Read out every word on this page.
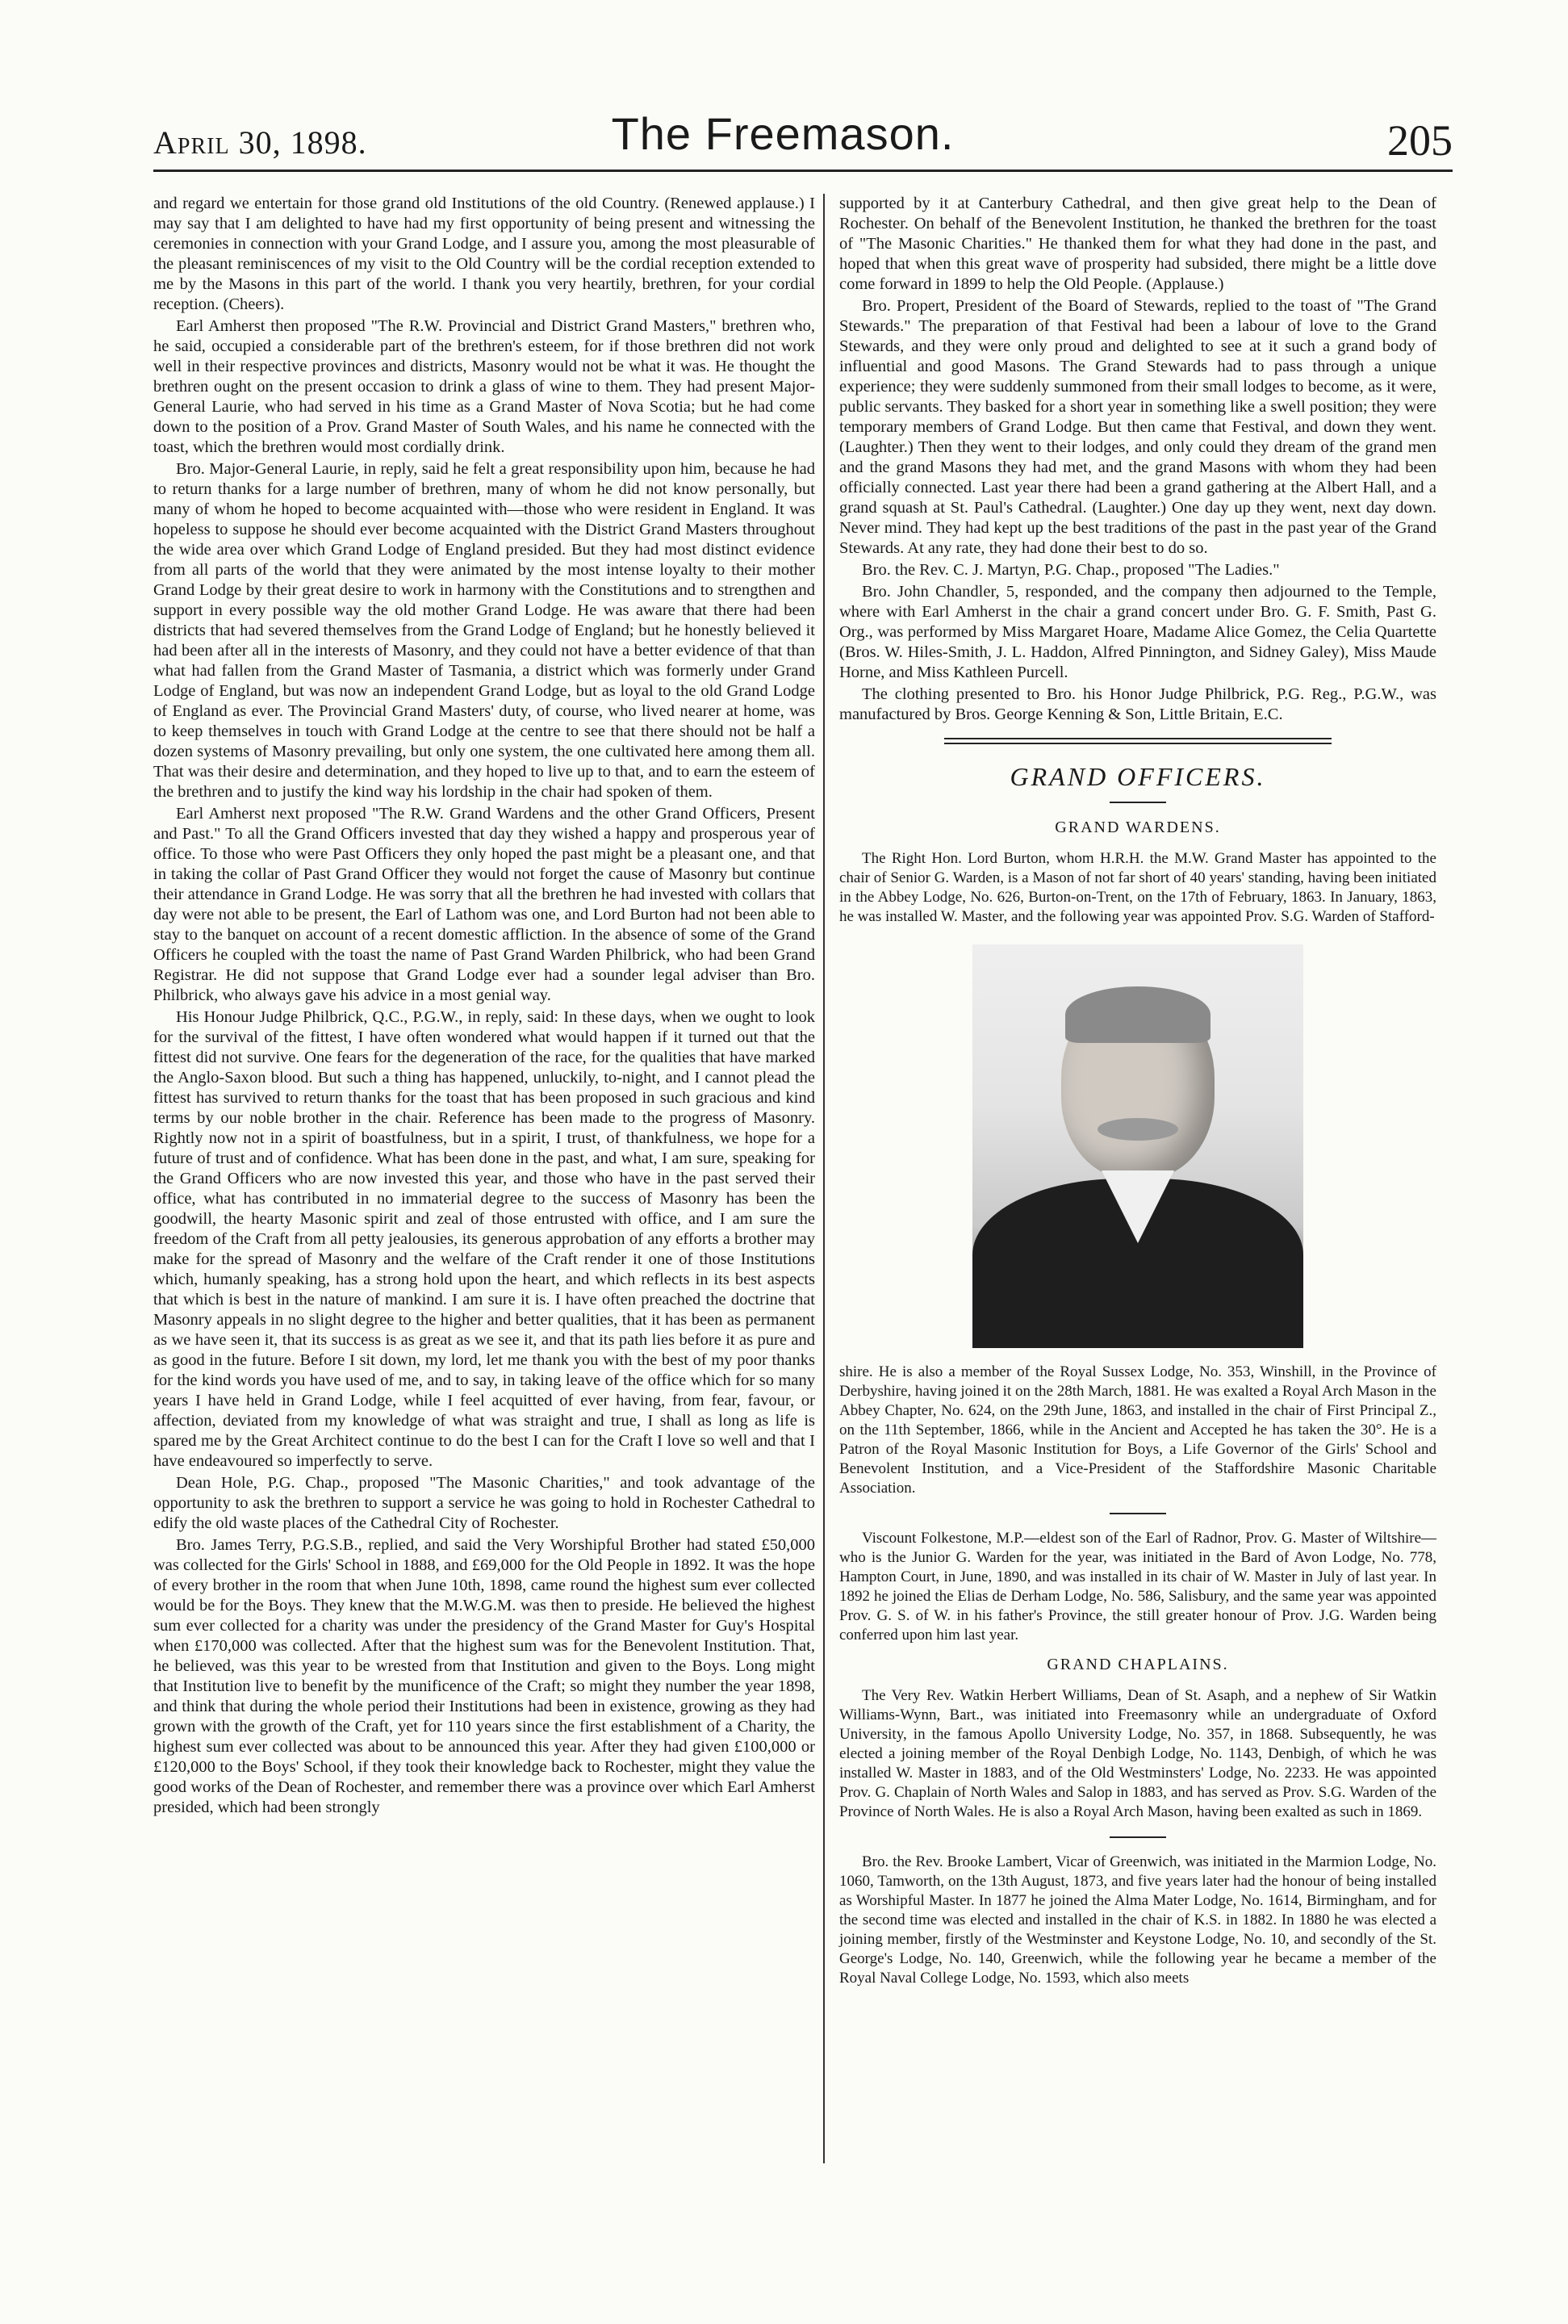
April 30, 1898.	The Freemason.	205

and regard we entertain for those grand old Institutions of the old Country. (Renewed applause.) I may say that I am delighted to have had my first opportunity of being present and witnessing the ceremonies in connection with your Grand Lodge, and I assure you, among the most pleasurable of the pleasant reminiscences of my visit to the Old Country will be the cordial reception extended to me by the Masons in this part of the world. I thank you very heartily, brethren, for your cordial reception. (Cheers).

Earl Amherst then proposed "The R.W. Provincial and District Grand Masters," brethren who, he said, occupied a considerable part of the brethren's esteem, for if those brethren did not work well in their respective provinces and districts, Masonry would not be what it was. He thought the brethren ought on the present occasion to drink a glass of wine to them. They had present Major-General Laurie, who had served in his time as a Grand Master of Nova Scotia; but he had come down to the position of a Prov. Grand Master of South Wales, and his name he connected with the toast, which the brethren would most cordially drink.

Bro. Major-General Laurie, in reply, said he felt a great responsibility upon him, because he had to return thanks for a large number of brethren, many of whom he did not know personally, but many of whom he hoped to become acquainted with—those who were resident in England. It was hopeless to suppose he should ever become acquainted with the District Grand Masters throughout the wide area over which Grand Lodge of England presided. But they had most distinct evidence from all parts of the world that they were animated by the most intense loyalty to their mother Grand Lodge by their great desire to work in harmony with the Constitutions and to strengthen and support in every possible way the old mother Grand Lodge. He was aware that there had been districts that had severed themselves from the Grand Lodge of England; but he honestly believed it had been after all in the interests of Masonry, and they could not have a better evidence of that than what had fallen from the Grand Master of Tasmania, a district which was formerly under Grand Lodge of England, but was now an independent Grand Lodge, but as loyal to the old Grand Lodge of England as ever. The Provincial Grand Masters' duty, of course, who lived nearer at home, was to keep themselves in touch with Grand Lodge at the centre to see that there should not be half a dozen systems of Masonry prevailing, but only one system, the one cultivated here among them all. That was their desire and determination, and they hoped to live up to that, and to earn the esteem of the brethren and to justify the kind way his lordship in the chair had spoken of them.

Earl Amherst next proposed "The R.W. Grand Wardens and the other Grand Officers, Present and Past." To all the Grand Officers invested that day they wished a happy and prosperous year of office. To those who were Past Officers they only hoped the past might be a pleasant one, and that in taking the collar of Past Grand Officer they would not forget the cause of Masonry but continue their attendance in Grand Lodge. He was sorry that all the brethren he had invested with collars that day were not able to be present, the Earl of Lathom was one, and Lord Burton had not been able to stay to the banquet on account of a recent domestic affliction. In the absence of some of the Grand Officers he coupled with the toast the name of Past Grand Warden Philbrick, who had been Grand Registrar. He did not suppose that Grand Lodge ever had a sounder legal adviser than Bro. Philbrick, who always gave his advice in a most genial way.

His Honour Judge Philbrick, Q.C., P.G.W., in reply, said: In these days, when we ought to look for the survival of the fittest, I have often wondered what would happen if it turned out that the fittest did not survive. One fears for the degeneration of the race, for the qualities that have marked the Anglo-Saxon blood. But such a thing has happened, unluckily, to-night, and I cannot plead the fittest has survived to return thanks for the toast that has been proposed in such gracious and kind terms by our noble brother in the chair. Reference has been made to the progress of Masonry. Rightly now not in a spirit of boastfulness, but in a spirit, I trust, of thankfulness, we hope for a future of trust and of confidence. What has been done in the past, and what, I am sure, speaking for the Grand Officers who are now invested this year, and those who have in the past served their office, what has contributed in no immaterial degree to the success of Masonry has been the goodwill, the hearty Masonic spirit and zeal of those entrusted with office, and I am sure the freedom of the Craft from all petty jealousies, its generous approbation of any efforts a brother may make for the spread of Masonry and the welfare of the Craft render it one of those Institutions which, humanly speaking, has a strong hold upon the heart, and which reflects in its best aspects that which is best in the nature of mankind. I am sure it is. I have often preached the doctrine that Masonry appeals in no slight degree to the higher and better qualities, that it has been as permanent as we have seen it, that its success is as great as we see it, and that its path lies before it as pure and as good in the future. Before I sit down, my lord, let me thank you with the best of my poor thanks for the kind words you have used of me, and to say, in taking leave of the office which for so many years I have held in Grand Lodge, while I feel acquitted of ever having, from fear, favour, or affection, deviated from my knowledge of what was straight and true, I shall as long as life is spared me by the Great Architect continue to do the best I can for the Craft I love so well and that I have endeavoured so imperfectly to serve.

Dean Hole, P.G. Chap., proposed "The Masonic Charities," and took advantage of the opportunity to ask the brethren to support a service he was going to hold in Rochester Cathedral to edify the old waste places of the Cathedral City of Rochester.

Bro. James Terry, P.G.S.B., replied, and said the Very Worshipful Brother had stated £50,000 was collected for the Girls' School in 1888, and £69,000 for the Old People in 1892. It was the hope of every brother in the room that when June 10th, 1898, came round the highest sum ever collected would be for the Boys. They knew that the M.W.G.M. was then to preside. He believed the highest sum ever collected for a charity was under the presidency of the Grand Master for Guy's Hospital when £170,000 was collected. After that the highest sum was for the Benevolent Institution. That, he believed, was this year to be wrested from that Institution and given to the Boys. Long might that Institution live to benefit by the munificence of the Craft; so might they number the year 1898, and think that during the whole period their Institutions had been in existence, growing as they had grown with the growth of the Craft, yet for 110 years since the first establishment of a Charity, the highest sum ever collected was about to be announced this year. After they had given £100,000 or £120,000 to the Boys' School, if they took their knowledge back to Rochester, might they value the good works of the Dean of Rochester, and remember there was a province over which Earl Amherst presided, which had been strongly

supported by it at Canterbury Cathedral, and then give great help to the Dean of Rochester. On behalf of the Benevolent Institution, he thanked the brethren for the toast of "The Masonic Charities." He thanked them for what they had done in the past, and hoped that when this great wave of prosperity had subsided, there might be a little dove come forward in 1899 to help the Old People. (Applause.)

Bro. Propert, President of the Board of Stewards, replied to the toast of "The Grand Stewards." The preparation of that Festival had been a labour of love to the Grand Stewards, and they were only proud and delighted to see at it such a grand body of influential and good Masons. The Grand Stewards had to pass through a unique experience; they were suddenly summoned from their small lodges to become, as it were, public servants. They basked for a short year in something like a swell position; they were temporary members of Grand Lodge. But then came that Festival, and down they went. (Laughter.) Then they went to their lodges, and only could they dream of the grand men and the grand Masons they had met, and the grand Masons with whom they had been officially connected. Last year there had been a grand gathering at the Albert Hall, and a grand squash at St. Paul's Cathedral. (Laughter.) One day up they went, next day down. Never mind. They had kept up the best traditions of the past in the past year of the Grand Stewards. At any rate, they had done their best to do so.

Bro. the Rev. C. J. Martyn, P.G. Chap., proposed "The Ladies."

Bro. John Chandler, 5, responded, and the company then adjourned to the Temple, where with Earl Amherst in the chair a grand concert under Bro. G. F. Smith, Past G. Org., was performed by Miss Margaret Hoare, Madame Alice Gomez, the Celia Quartette (Bros. W. Hiles-Smith, J. L. Haddon, Alfred Pinnington, and Sidney Galey), Miss Maude Horne, and Miss Kathleen Purcell.

The clothing presented to Bro. his Honor Judge Philbrick, P.G. Reg., P.G.W., was manufactured by Bros. George Kenning & Son, Little Britain, E.C.

GRAND OFFICERS.
GRAND WARDENS.

The Right Hon. Lord Burton, whom H.R.H. the M.W. Grand Master has appointed to the chair of Senior G. Warden, is a Mason of not far short of 40 years' standing, having been initiated in the Abbey Lodge, No. 626, Burton-on-Trent, on the 17th of February, 1863. In January, 1863, he was installed W. Master, and the following year was appointed Prov. S.G. Warden of Stafford-

shire. He is also a member of the Royal Sussex Lodge, No. 353, Winshill, in the Province of Derbyshire, having joined it on the 28th March, 1881. He was exalted a Royal Arch Mason in the Abbey Chapter, No. 624, on the 29th June, 1863, and installed in the chair of First Principal Z., on the 11th September, 1866, while in the Ancient and Accepted he has taken the 30°. He is a Patron of the Royal Masonic Institution for Boys, a Life Governor of the Girls' School and Benevolent Institution, and a Vice-President of the Staffordshire Masonic Charitable Association.

Viscount Folkestone, M.P.—eldest son of the Earl of Radnor, Prov. G. Master of Wiltshire—who is the Junior G. Warden for the year, was initiated in the Bard of Avon Lodge, No. 778, Hampton Court, in June, 1890, and was installed in its chair of W. Master in July of last year. In 1892 he joined the Elias de Derham Lodge, No. 586, Salisbury, and the same year was appointed Prov. G. S. of W. in his father's Province, the still greater honour of Prov. J.G. Warden being conferred upon him last year.

GRAND CHAPLAINS.

The Very Rev. Watkin Herbert Williams, Dean of St. Asaph, and a nephew of Sir Watkin Williams-Wynn, Bart., was initiated into Freemasonry while an undergraduate of Oxford University, in the famous Apollo University Lodge, No. 357, in 1868. Subsequently, he was elected a joining member of the Royal Denbigh Lodge, No. 1143, Denbigh, of which he was installed W. Master in 1883, and of the Old Westminsters' Lodge, No. 2233. He was appointed Prov. G. Chaplain of North Wales and Salop in 1883, and has served as Prov. S.G. Warden of the Province of North Wales. He is also a Royal Arch Mason, having been exalted as such in 1869.

Bro. the Rev. Brooke Lambert, Vicar of Greenwich, was initiated in the Marmion Lodge, No. 1060, Tamworth, on the 13th August, 1873, and five years later had the honour of being installed as Worshipful Master. In 1877 he joined the Alma Mater Lodge, No. 1614, Birmingham, and for the second time was elected and installed in the chair of K.S. in 1882. In 1880 he was elected a joining member, firstly of the Westminster and Keystone Lodge, No. 10, and secondly of the St. George's Lodge, No. 140, Greenwich, while the following year he became a member of the Royal Naval College Lodge, No. 1593, which also meets
